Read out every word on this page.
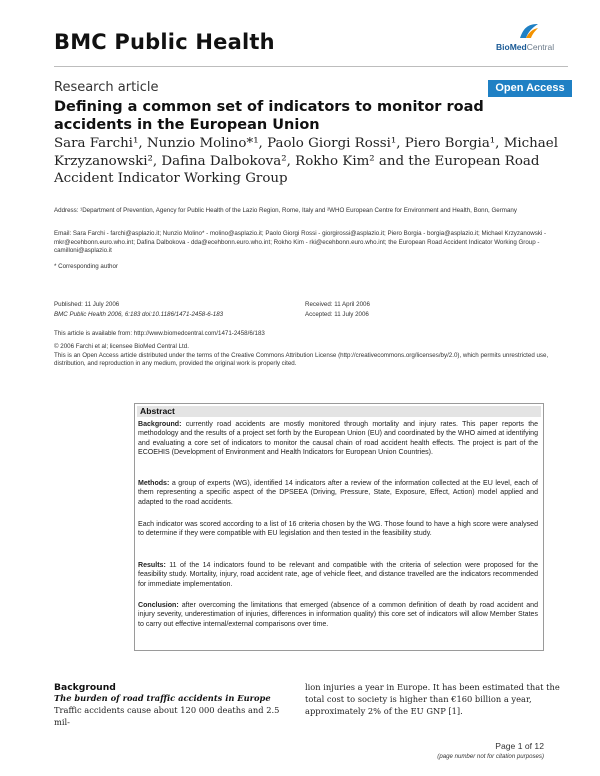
BMC Public Health	BioMedCentral
Research article	Open Access
Defining a common set of indicators to monitor road accidents in the European Union
Sara Farchi¹, Nunzio Molino*¹, Paolo Giorgi Rossi¹, Piero Borgia¹, Michael Krzyzanowski², Dafina Dalbokova², Rokho Kim² and the European Road Accident Indicator Working Group
Address: ¹Department of Prevention, Agency for Public Health of the Lazio Region, Rome, Italy and ²WHO European Centre for Environment and Health, Bonn, Germany
Email: Sara Farchi - farchi@asplazio.it; Nunzio Molino* - molino@asplazio.it; Paolo Giorgi Rossi - giorgirossi@asplazio.it; Piero Borgia - borgia@asplazio.it; Michael Krzyzanowski - mkr@ecehbonn.euro.who.int; Dafina Dalbokova - dda@ecehbonn.euro.who.int; Rokho Kim - rki@ecehbonn.euro.who.int; the European Road Accident Indicator Working Group - camilloni@asplazio.it
* Corresponding author
Published: 11 July 2006
BMC Public Health 2006, 6:183 doi:10.1186/1471-2458-6-183
Received: 11 April 2006
Accepted: 11 July 2006
This article is available from: http://www.biomedcentral.com/1471-2458/6/183
© 2006 Farchi et al; licensee BioMed Central Ltd.
This is an Open Access article distributed under the terms of the Creative Commons Attribution License (http://creativecommons.org/licenses/by/2.0), which permits unrestricted use, distribution, and reproduction in any medium, provided the original work is properly cited.
Abstract
Background: currently road accidents are mostly monitored through mortality and injury rates. This paper reports the methodology and the results of a project set forth by the European Union (EU) and coordinated by the WHO aimed at identifying and evaluating a core set of indicators to monitor the causal chain of road accident health effects. The project is part of the ECOEHIS (Development of Environment and Health Indicators for European Union Countries).
Methods: a group of experts (WG), identified 14 indicators after a review of the information collected at the EU level, each of them representing a specific aspect of the DPSEEA (Driving, Pressure, State, Exposure, Effect, Action) model applied and adapted to the road accidents.
Each indicator was scored according to a list of 16 criteria chosen by the WG. Those found to have a high score were analysed to determine if they were compatible with EU legislation and then tested in the feasibility study.
Results: 11 of the 14 indicators found to be relevant and compatible with the criteria of selection were proposed for the feasibility study. Mortality, injury, road accident rate, age of vehicle fleet, and distance travelled are the indicators recommended for immediate implementation.
Conclusion: after overcoming the limitations that emerged (absence of a common definition of death by road accident and injury severity, underestimation of injuries, differences in information quality) this core set of indicators will allow Member States to carry out effective internal/external comparisons over time.
Background
The burden of road traffic accidents in Europe
Traffic accidents cause about 120 000 deaths and 2.5 mil-
lion injuries a year in Europe. It has been estimated that the total cost to society is higher than €160 billion a year, approximately 2% of the EU GNP [1].
Page 1 of 12
(page number not for citation purposes)
